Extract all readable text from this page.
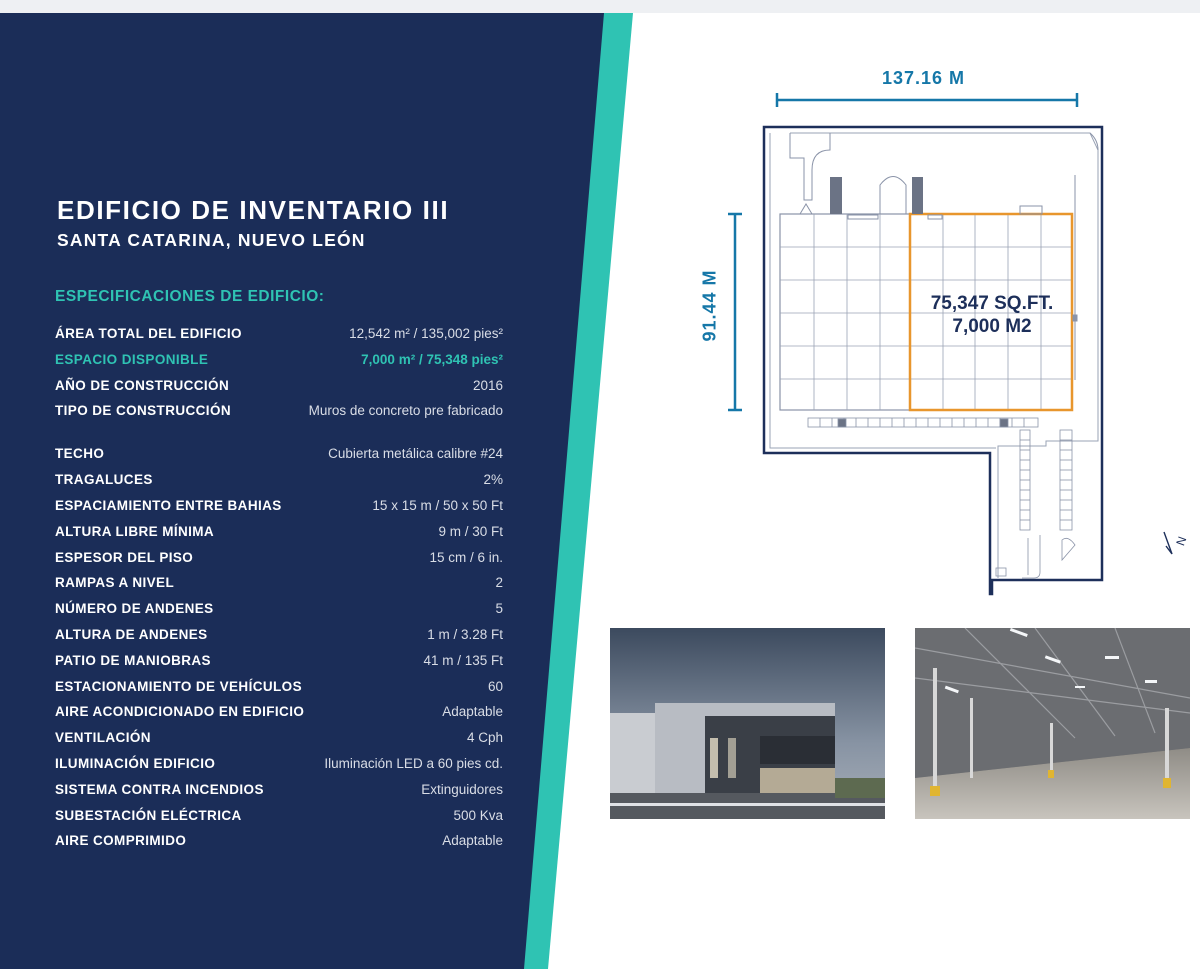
EDIFICIO DE INVENTARIO III
SANTA CATARINA, NUEVO LEÓN
ESPECIFICACIONES DE EDIFICIO:
ÁREA TOTAL DEL EDIFICIO	12,542 m² / 135,002 pies²
ESPACIO DISPONIBLE	7,000 m² / 75,348 pies²
AÑO DE CONSTRUCCIÓN	2016
TIPO DE CONSTRUCCIÓN	Muros de concreto pre fabricado
TECHO	Cubierta metálica calibre #24
TRAGALUCES	2%
ESPACIAMIENTO ENTRE BAHIAS	15 x 15 m / 50 x 50 Ft
ALTURA LIBRE MÍNIMA	9 m / 30 Ft
ESPESOR DEL PISO	15 cm / 6 in.
RAMPAS A NIVEL	2
NÚMERO DE ANDENES	5
ALTURA DE ANDENES	1 m / 3.28 Ft
PATIO DE MANIOBRAS	41 m / 135 Ft
ESTACIONAMIENTO DE VEHÍCULOS	60
AIRE ACONDICIONADO EN EDIFICIO	Adaptable
VENTILACIÓN	4 Cph
ILUMINACIÓN EDIFICIO	Iluminación LED a 60 pies cd.
SISTEMA CONTRA INCENDIOS	Extinguidores
SUBESTACIÓN ELÉCTRICA	500 Kva
AIRE COMPRIMIDO	Adaptable
137.16 M
91.44 M	75,347 SQ.FT.
7,000 M2
N
